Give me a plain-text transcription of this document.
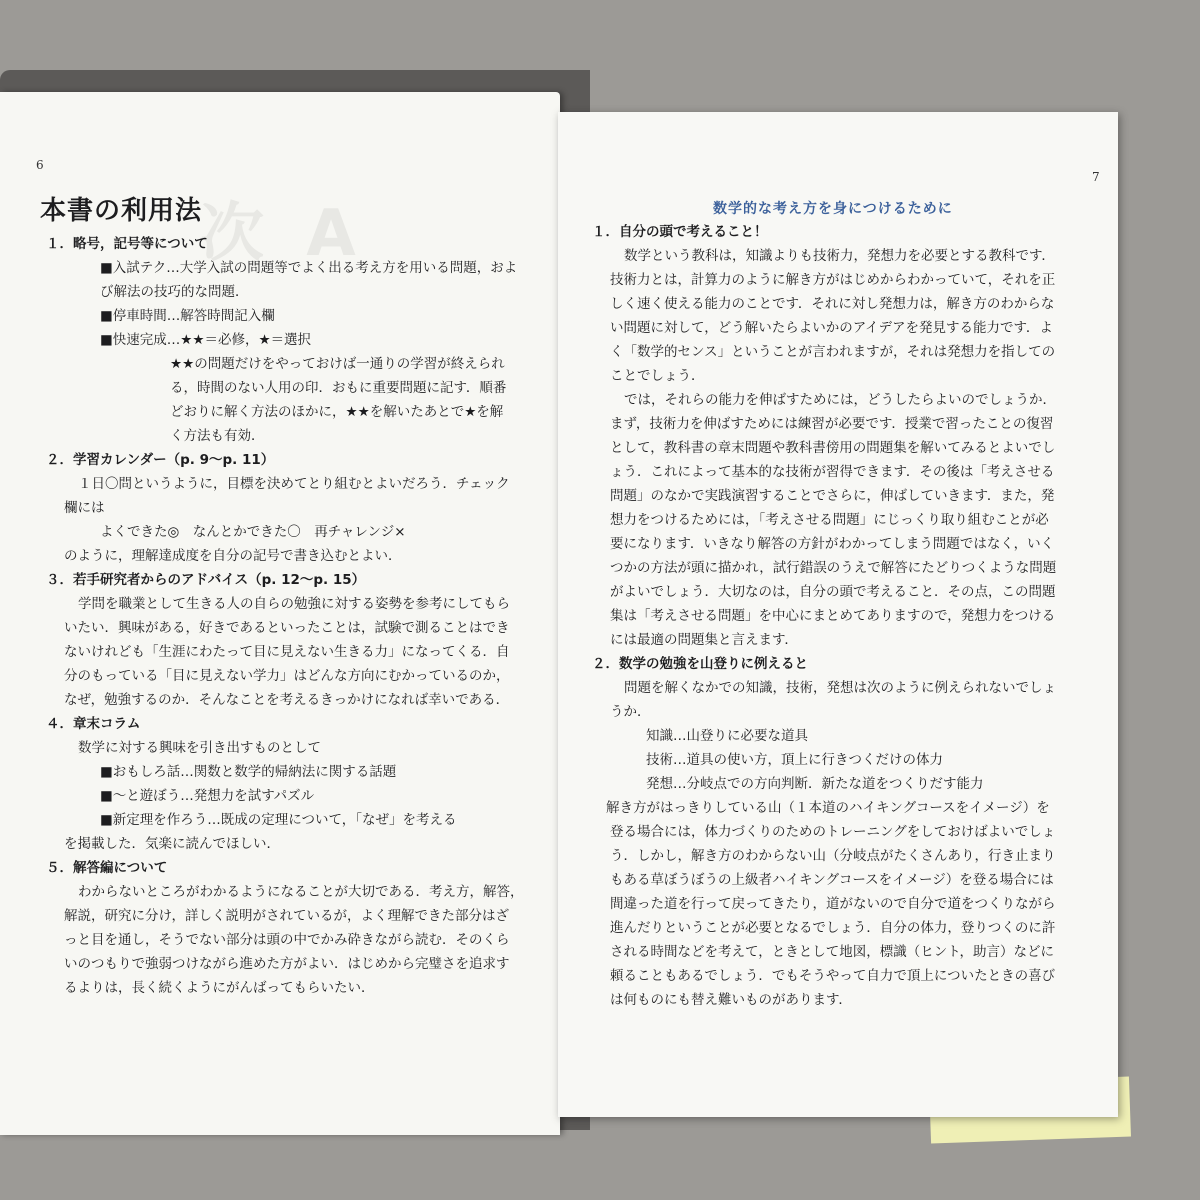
次 A
6
本書の利用法

１．略号，記号等について

■入試テク…大学入試の問題等でよく出る考え方を用いる問題，およ

び解法の技巧的な問題．

■停車時間…解答時間記入欄

■快速完成…★★＝必修，★＝選択

★★の問題だけをやっておけば一通りの学習が終えられ

る，時間のない人用の印．おもに重要問題に記す．順番

どおりに解く方法のほかに，★★を解いたあとで★を解

く方法も有効．

２．学習カレンダー（p. 9〜p. 11）

１日〇問というように，目標を決めてとり組むとよいだろう．チェック

欄には

よくできた◎　なんとかできた〇　再チャレンジ×

のように，理解達成度を自分の記号で書き込むとよい．

３．若手研究者からのアドバイス（p. 12〜p. 15）

学問を職業として生きる人の自らの勉強に対する姿勢を参考にしてもら

いたい．興味がある，好きであるといったことは，試験で測ることはでき

ないけれども「生涯にわたって目に見えない生きる力」になってくる．自

分のもっている「目に見えない学力」はどんな方向にむかっているのか，

なぜ，勉強するのか．そんなことを考えるきっかけになれば幸いである．

４．章末コラム

数学に対する興味を引き出すものとして

■おもしろ話…関数と数学的帰納法に関する話題

■〜と遊ぼう…発想力を試すパズル

■新定理を作ろう…既成の定理について，「なぜ」を考える

を掲載した．気楽に読んでほしい．

５．解答編について

わからないところがわかるようになることが大切である．考え方，解答，

解説，研究に分け，詳しく説明がされているが，よく理解できた部分はざ

っと目を通し，そうでない部分は頭の中でかみ砕きながら読む．そのくら

いのつもりで強弱つけながら進めた方がよい．はじめから完璧さを追求す

るよりは，長く続くようにがんばってもらいたい．

7
数学的な考え方を身につけるために

１．自分の頭で考えること！

数学という教科は，知識よりも技術力，発想力を必要とする教科です．

技術力とは，計算力のように解き方がはじめからわかっていて，それを正

しく速く使える能力のことです．それに対し発想力は，解き方のわからな

い問題に対して，どう解いたらよいかのアイデアを発見する能力です．よ

く「数学的センス」ということが言われますが，それは発想力を指しての

ことでしょう．

では，それらの能力を伸ばすためには，どうしたらよいのでしょうか．

まず，技術力を伸ばすためには練習が必要です．授業で習ったことの復習

として，教科書の章末問題や教科書傍用の問題集を解いてみるとよいでし

ょう．これによって基本的な技術が習得できます．その後は「考えさせる

問題」のなかで実践演習することでさらに，伸ばしていきます．また，発

想力をつけるためには，「考えさせる問題」にじっくり取り組むことが必

要になります．いきなり解答の方針がわかってしまう問題ではなく，いく

つかの方法が頭に描かれ，試行錯誤のうえで解答にたどりつくような問題

がよいでしょう．大切なのは，自分の頭で考えること．その点，この問題

集は「考えさせる問題」を中心にまとめてありますので，発想力をつける

には最適の問題集と言えます．

２．数学の勉強を山登りに例えると

問題を解くなかでの知識，技術，発想は次のように例えられないでしょ

うか．

知識…山登りに必要な道具

技術…道具の使い方，頂上に行きつくだけの体力

発想…分岐点での方向判断．新たな道をつくりだす能力

解き方がはっきりしている山（１本道のハイキングコースをイメージ）を

登る場合には，体力づくりのためのトレーニングをしておけばよいでしょ

う．しかし，解き方のわからない山（分岐点がたくさんあり，行き止まり

もある草ぼうぼうの上級者ハイキングコースをイメージ）を登る場合には

間違った道を行って戻ってきたり，道がないので自分で道をつくりながら

進んだりということが必要となるでしょう．自分の体力，登りつくのに許

される時間などを考えて，ときとして地図，標識（ヒント，助言）などに

頼ることもあるでしょう．でもそうやって自力で頂上についたときの喜び

は何ものにも替え難いものがあります．
